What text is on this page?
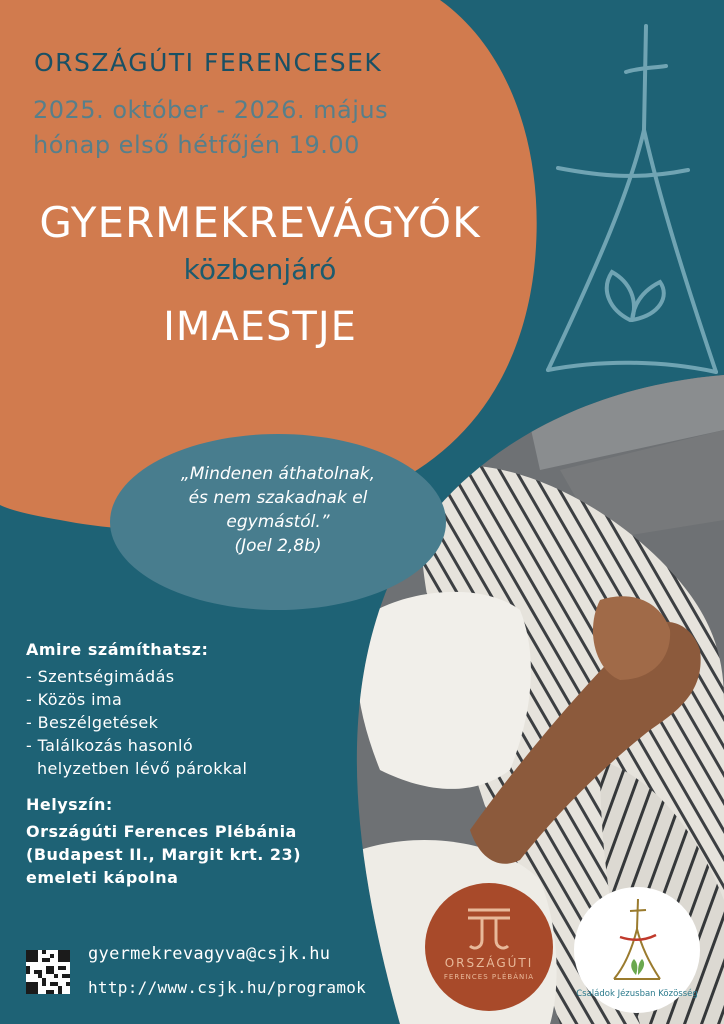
ORSZÁGÚTI FERENCESEK
2025. október - 2026. május
hónap első hétfőjén 19.00
GYERMEKREVÁGYÓK
közbenjáró
IMAESTJE
„Mindenen áthatolnak,
és nem szakadnak el
egymástól.”
(Joel 2,8b)
Amire számíthatsz:
- Szentségimádás
- Közös ima
- Beszélgetések
- Találkozás hasonló
helyzetben lévő párokkal
Helyszín:
Országúti Ferences Plébánia
(Budapest II., Margit krt. 23)
emeleti kápolna
gyermekrevagyva@csjk.hu
http://www.csjk.hu/programok
ORSZÁGÚTI
FERENCES PLÉBÁNIA
Családok Jézusban Közösség
